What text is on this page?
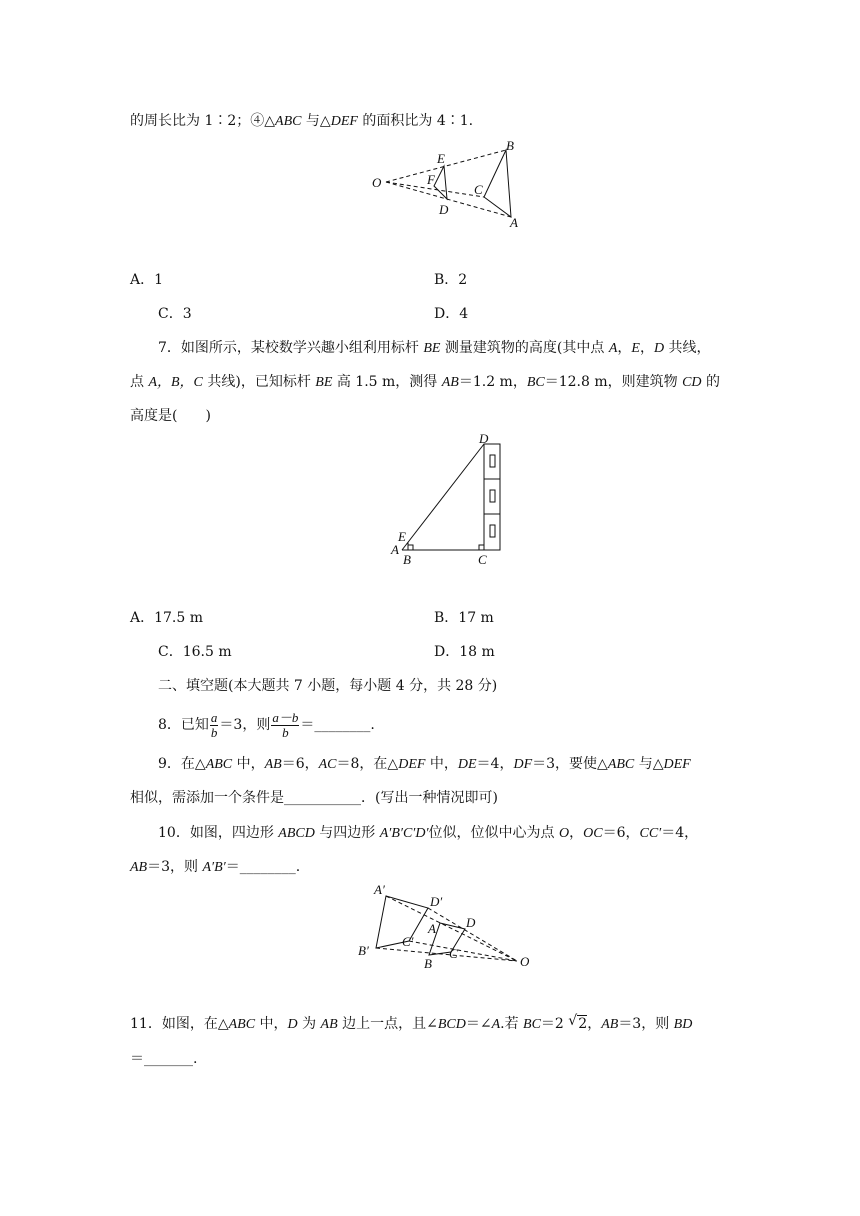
的周长比为 1∶2；④△ABC 与△DEF 的面积比为 4∶1.
O
E
F
D
B
C
A
A．1	B．2
C．3	D．4
7．如图所示，某校数学兴趣小组利用标杆 BE 测量建筑物的高度(其中点 A，E，D 共线，
点 A，B，C 共线)，已知标杆 BE 高 1.5 m，测得 AB＝1.2 m，BC＝12.8 m，则建筑物 CD 的
高度是(　　)
D
E
A
B	C
A．17.5 m	B．17 m
C．16.5 m	D．18 m
二、填空题(本大题共 7 小题，每小题 4 分，共 28 分)
8．已知 $\frac{a}{b} =3$，则 $\frac{a-b}{b}$ ＝________.
9．在△ABC 中，AB＝6，AC＝8，在△DEF 中，DE＝4，DF＝3，要使△ABC 与△DEF
相似，需添加一个条件是___________．(写出一种情况即可)
10．如图，四边形 ABCD 与四边形 A′B′C′D′位似，位似中心为点 O，OC＝6，CC′＝4，
AB＝3，则 A′B′＝________.
A′
D′
D
A
C′
B′	C
B	O
11．如图，在△ABC 中，D 为 AB 边上一点，且∠BCD＝∠A.若 BC＝2 √ 2，AB＝3，则 BD
＝_______.
